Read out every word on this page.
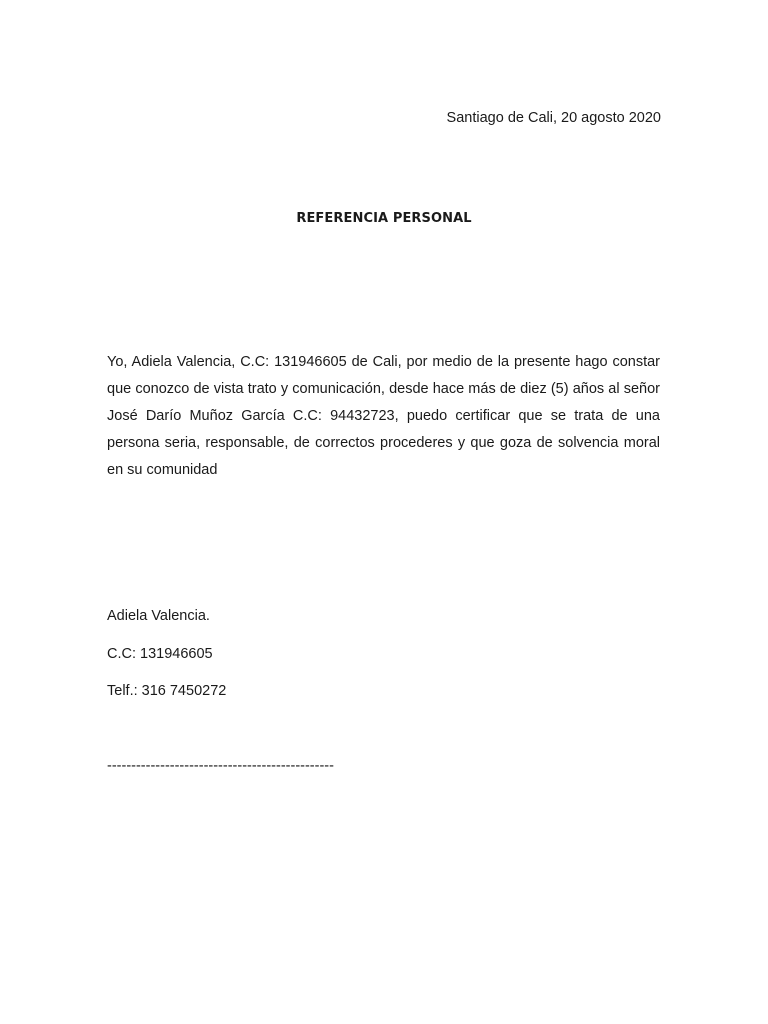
Santiago de Cali, 20 agosto 2020
REFERENCIA PERSONAL

Yo, Adiela Valencia, C.C: 131946605 de Cali, por medio de la presente hago constar que conozco de vista trato y comunicación, desde hace más de diez (5) años al señor José Darío Muñoz García C.C: 94432723, puedo certificar que se trata de una persona seria, responsable, de correctos procederes y que goza de solvencia moral en su comunidad

Adiela Valencia.
C.C: 131946605
Telf.: 316 7450272
-----------------------------------------------
